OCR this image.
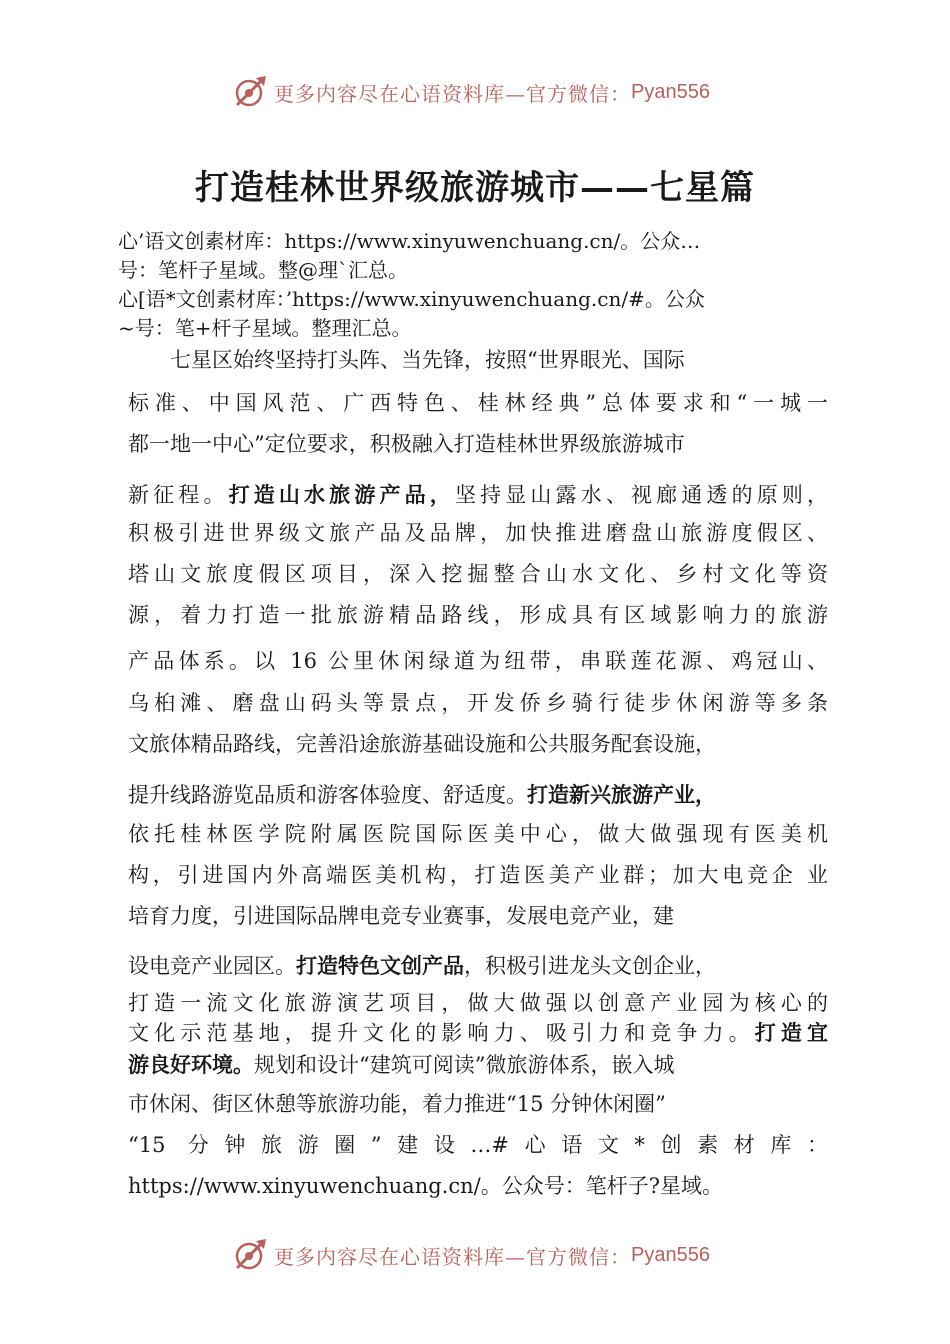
更多内容尽在心语资料库—官方微信： Pyan556
打造桂林世界级旅游城市——七星篇
心’语文创素材库：https://www.xinyuwenchuang.cn/。公众…
号：笔杆子星域。整@理`汇总。
心[语*文创素材库：’https://www.xinyuwenchuang.cn/#。公众
~号：笔+杆子星域。整理汇总。
　　七星区始终坚持打头阵、当先锋，按照“世界眼光、国际
标准、中国风范、广西特色、桂林经典”总体要求和“一城一
都一地一中心”定位要求，积极融入打造桂林世界级旅游城市
新征程。打造山水旅游产品，坚持显山露水、视廊通透的原则，
积极引进世界级文旅产品及品牌，加快推进磨盘山旅游度假区、
塔山文旅度假区项目，深入挖掘整合山水文化、乡村文化等资
源，着力打造一批旅游精品路线，形成具有区域影响力的旅游
产品体系。以 16 公里休闲绿道为纽带，串联莲花源、鸡冠山、
乌桕滩、磨盘山码头等景点，开发侨乡骑行徒步休闲游等多条
文旅体精品路线，完善沿途旅游基础设施和公共服务配套设施，
提升线路游览品质和游客体验度、舒适度。打造新兴旅游产业，
依托桂林医学院附属医院国际医美中心，做大做强现有医美机
构，引进国内外高端医美机构，打造医美产业群；加大电竞企 业
培育力度，引进国际品牌电竞专业赛事，发展电竞产业，建
设电竞产业园区。打造特色文创产品，积极引进龙头文创企业，
打造一流文化旅游演艺项目，做大做强以创意产业园为核心的
文化示范基地，提升文化的影响力、吸引力和竞争力。打造宜
游良好环境。规划和设计“建筑可阅读”微旅游体系，嵌入城
市休闲、街区休憩等旅游功能，着力推进“15 分钟休闲圈”
“15 分钟旅游圈”建设…#心语文*创素材库：
https://www.xinyuwenchuang.cn/。公众号：笔杆子?星域。
更多内容尽在心语资料库—官方微信： Pyan556
